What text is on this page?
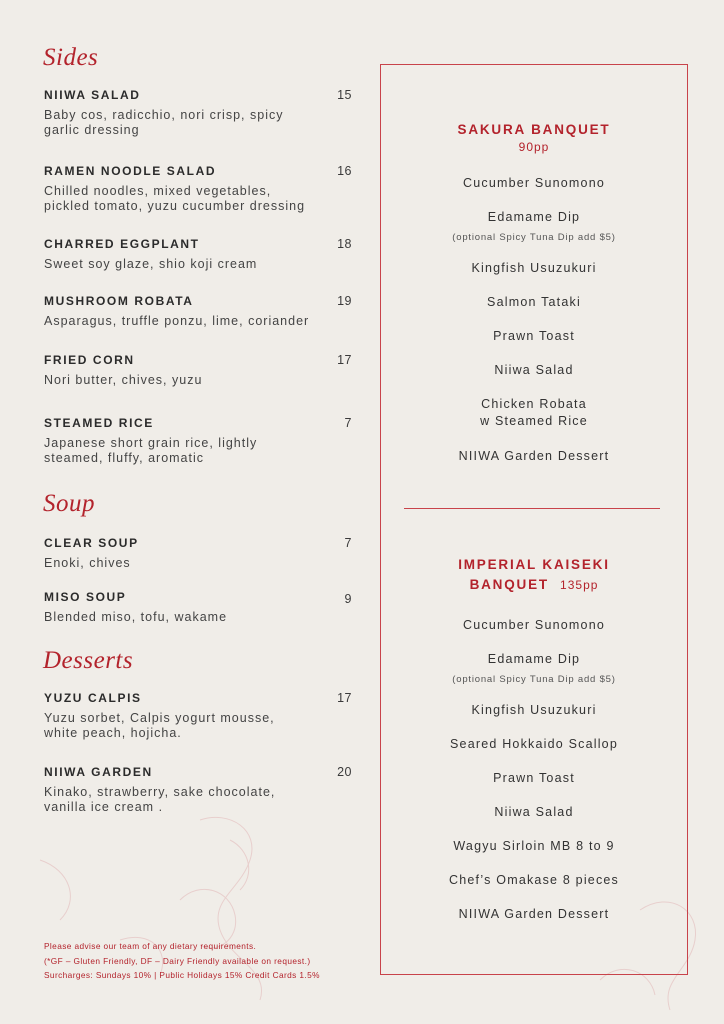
Sides
NIIWA SALAD	15
Baby cos, radicchio, nori crisp, spicy
garlic dressing
RAMEN NOODLE SALAD	16
Chilled noodles, mixed vegetables,
pickled tomato, yuzu cucumber dressing
CHARRED EGGPLANT	18
Sweet soy glaze, shio koji cream
MUSHROOM ROBATA	19
Asparagus, truffle ponzu, lime, coriander
FRIED CORN	17
Nori butter, chives, yuzu
STEAMED RICE	7
Japanese short grain rice, lightly
steamed, fluffy, aromatic
Soup
CLEAR SOUP	7
Enoki, chives
MISO SOUP	9
Blended miso, tofu, wakame
Desserts
YUZU CALPIS	17
Yuzu sorbet, Calpis yogurt mousse,
white peach, hojicha.
NIIWA GARDEN	20
Kinako, strawberry, sake chocolate,
vanilla ice cream .
Please advise our team of any dietary requirements.
(*GF – Gluten Friendly, DF – Dairy Friendly available on request.)
Surcharges: Sundays 10% | Public Holidays 15% Credit Cards 1.5%
SAKURA BANQUET
90pp
Cucumber Sunomono
Edamame Dip
(optional Spicy Tuna Dip add $5)
Kingfish Usuzukuri
Salmon Tataki
Prawn Toast
Niiwa Salad
Chicken Robata
w Steamed Rice
NIIWA Garden Dessert
IMPERIAL KAISEKI
BANQUET 135pp
Cucumber Sunomono
Edamame Dip
(optional Spicy Tuna Dip add $5)
Kingfish Usuzukuri
Seared Hokkaido Scallop
Prawn Toast
Niiwa Salad
Wagyu Sirloin MB 8 to 9
Chef’s Omakase 8 pieces
NIIWA Garden Dessert
